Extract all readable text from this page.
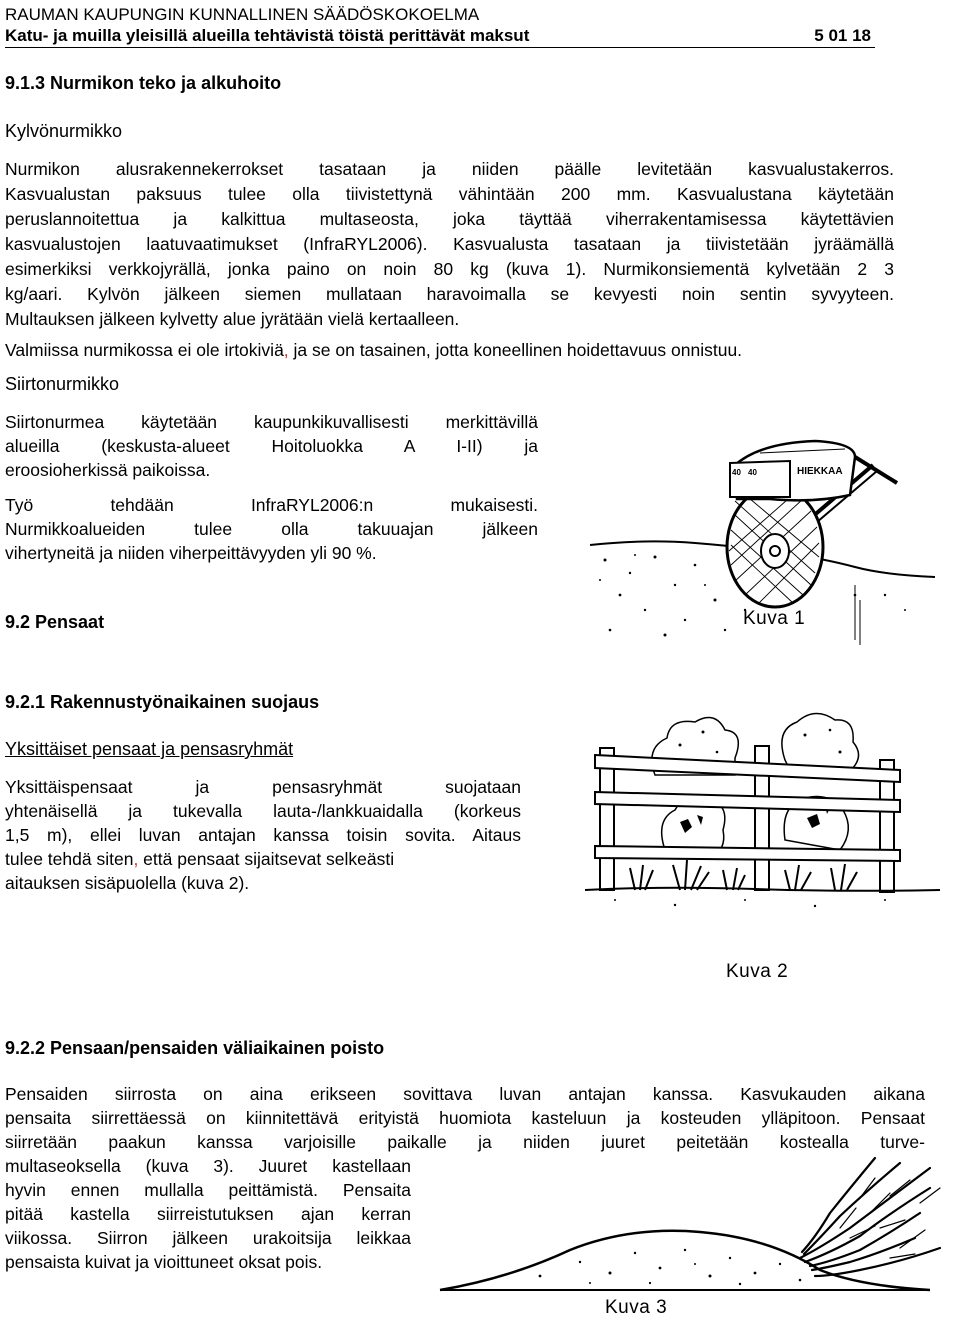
RAUMAN KAUPUNGIN KUNNALLINEN SÄÄDÖSKOKOELMA
Katu- ja muilla yleisillä alueilla tehtävistä töistä perittävät maksut	5 01 18
9.1.3 Nurmikon teko ja alkuhoito
Kylvönurmikko
Nurmikon alusrakennekerrokset tasataan ja niiden päälle levitetään kasvualustakerros.
Kasvualustan paksuus tulee olla tiivistettynä vähintään 200 mm. Kasvualustana käytetään
peruslannoitettua ja kalkittua multaseosta, joka täyttää viherrakentamisessa käytettävien
kasvualustojen laatuvaatimukset (InfraRYL2006). Kasvualusta tasataan ja tiivistetään jyräämällä
esimerkiksi verkkojyrällä, jonka paino on noin 80 kg (kuva 1). Nurmikonsiementä kylvetään 2 3
kg/aari. Kylvön jälkeen siemen mullataan haravoimalla se kevyesti noin sentin syvyyteen.
Multauksen jälkeen kylvetty alue jyrätään vielä kertaalleen.
Valmiissa nurmikossa ei ole irtokiviä, ja se on tasainen, jotta koneellinen hoidettavuus onnistuu.
Siirtonurmikko
Siirtonurmea käytetään kaupunkikuvallisesti merkittävillä
alueilla (keskusta-alueet Hoitoluokka A I-II) ja
eroosioherkissä paikoissa.
Työ tehdään InfraRYL2006:n mukaisesti.
Nurmikkoalueiden tulee olla takuuajan jälkeen
vihertyneitä ja niiden viherpeittävyyden yli 90 %.
HIEKKAA
40 40
Kuva 1
9.2 Pensaat
9.2.1 Rakennustyönaikainen suojaus
Yksittäiset pensaat ja pensasryhmät
Yksittäispensaat ja pensasryhmät suojataan
yhtenäisellä ja tukevalla lauta-/lankkuaidalla (korkeus
1,5 m), ellei luvan antajan kanssa toisin sovita. Aitaus
tulee tehdä siten, että pensaat sijaitsevat selkeästi
aitauksen sisäpuolella (kuva 2).
Kuva 2
9.2.2 Pensaan/pensaiden väliaikainen poisto
Pensaiden siirrosta on aina erikseen sovittava luvan antajan kanssa. Kasvukauden aikana
pensaita siirrettäessä on kiinnitettävä erityistä huomiota kasteluun ja kosteuden ylläpitoon. Pensaat
siirretään paakun kanssa varjoisille paikalle ja niiden juuret peitetään kostealla turve-
multaseoksella (kuva 3). Juuret kastellaan
hyvin ennen mullalla peittämistä. Pensaita
pitää kastella siirreistutuksen ajan kerran
viikossa. Siirron jälkeen urakoitsija leikkaa
pensaista kuivat ja vioittuneet oksat pois.
Kuva 3
